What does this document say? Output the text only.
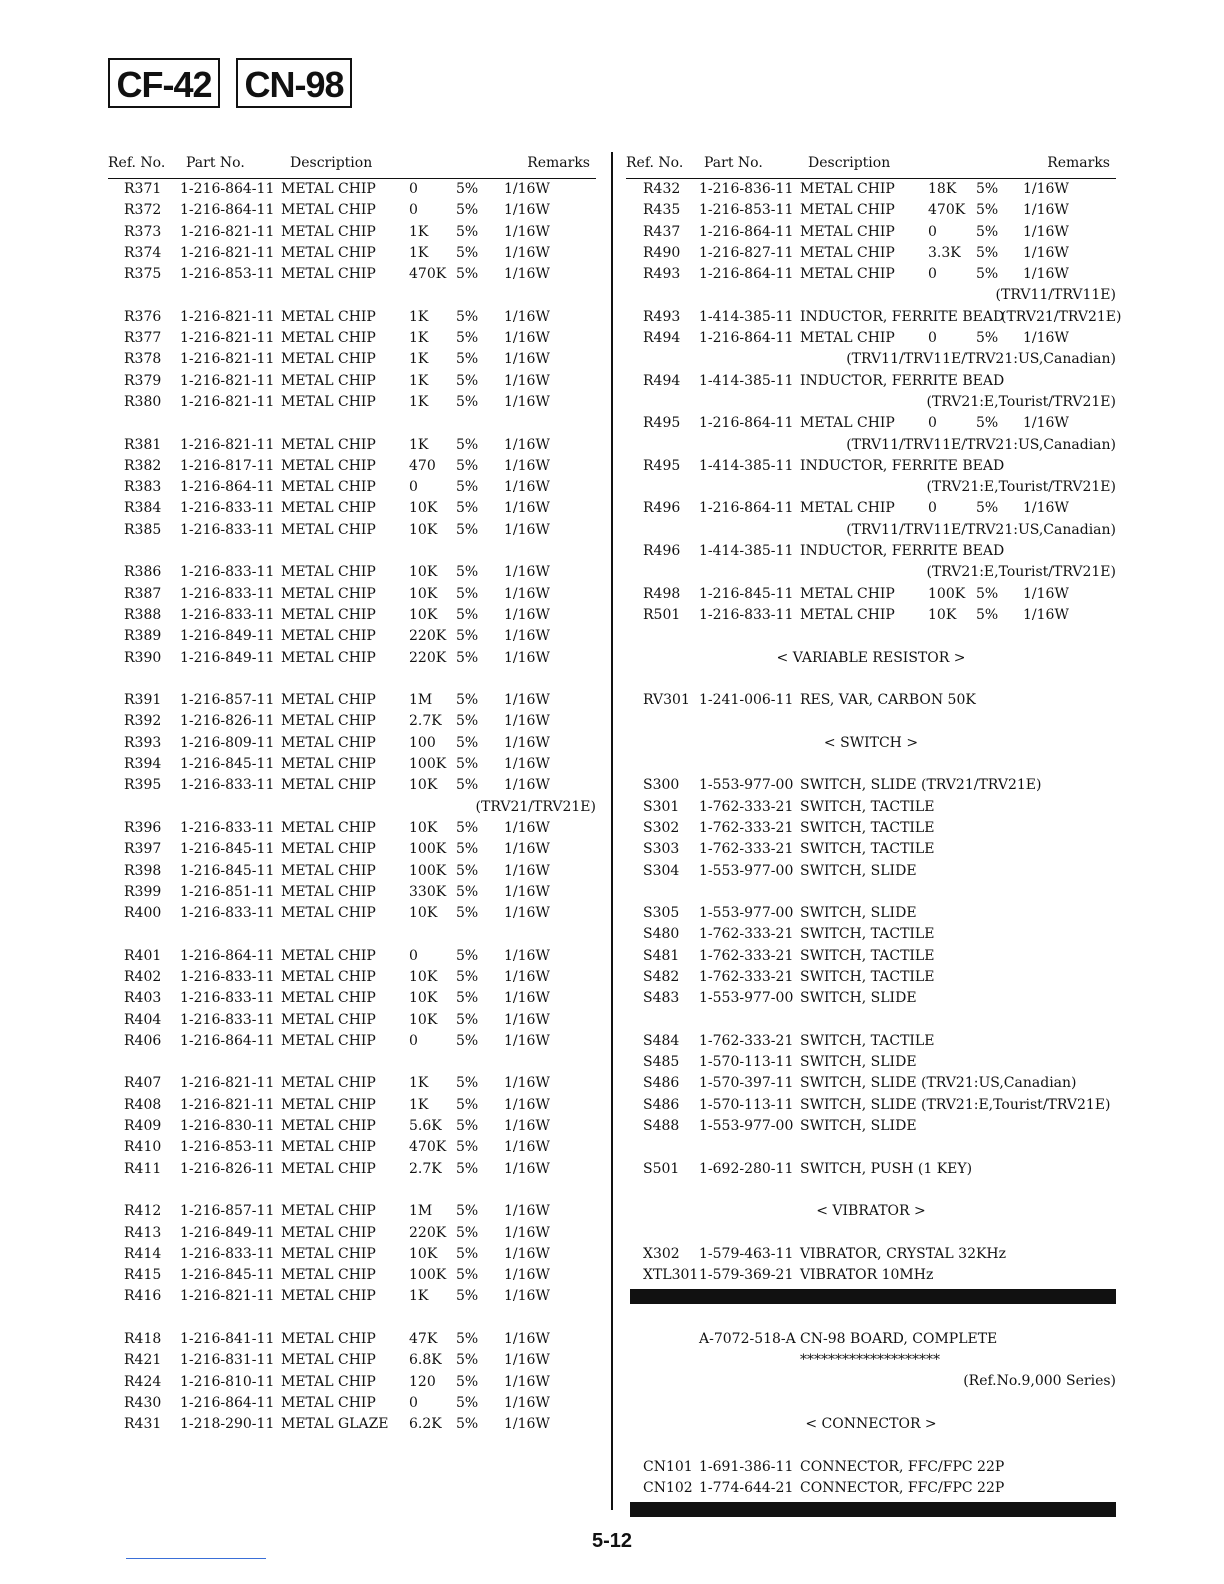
CF-42 CN-98
Ref. No. Part No.	Description	Remarks
R371 1-216-864-11 METAL CHIP 0	5% 1/16W
R372 1-216-864-11 METAL CHIP 0	5% 1/16W
R373 1-216-821-11 METAL CHIP 1K 5% 1/16W
R374 1-216-821-11 METAL CHIP 1K 5% 1/16W
R375 1-216-853-11 METAL CHIP 470K 5% 1/16W
R376 1-216-821-11 METAL CHIP 1K 5% 1/16W
R377 1-216-821-11 METAL CHIP 1K 5% 1/16W
R378 1-216-821-11 METAL CHIP 1K 5% 1/16W
R379 1-216-821-11 METAL CHIP 1K 5% 1/16W
R380 1-216-821-11 METAL CHIP 1K 5% 1/16W
R381 1-216-821-11 METAL CHIP 1K 5% 1/16W
R382 1-216-817-11 METAL CHIP 470 5% 1/16W
R383 1-216-864-11 METAL CHIP 0	5% 1/16W
R384 1-216-833-11 METAL CHIP 10K 5% 1/16W
R385 1-216-833-11 METAL CHIP 10K 5% 1/16W
R386 1-216-833-11 METAL CHIP 10K 5% 1/16W
R387 1-216-833-11 METAL CHIP 10K 5% 1/16W
R388 1-216-833-11 METAL CHIP 10K 5% 1/16W
R389 1-216-849-11 METAL CHIP 220K 5% 1/16W
R390 1-216-849-11 METAL CHIP 220K 5% 1/16W
R391 1-216-857-11 METAL CHIP 1M 5% 1/16W
R392 1-216-826-11 METAL CHIP 2.7K 5% 1/16W
R393 1-216-809-11 METAL CHIP 100 5% 1/16W
R394 1-216-845-11 METAL CHIP 100K 5% 1/16W
R395 1-216-833-11 METAL CHIP 10K 5% 1/16W
(TRV21/TRV21E)
R396 1-216-833-11 METAL CHIP 10K 5% 1/16W
R397 1-216-845-11 METAL CHIP 100K 5% 1/16W
R398 1-216-845-11 METAL CHIP 100K 5% 1/16W
R399 1-216-851-11 METAL CHIP 330K 5% 1/16W
R400 1-216-833-11 METAL CHIP 10K 5% 1/16W
R401 1-216-864-11 METAL CHIP 0	5% 1/16W
R402 1-216-833-11 METAL CHIP 10K 5% 1/16W
R403 1-216-833-11 METAL CHIP 10K 5% 1/16W
R404 1-216-833-11 METAL CHIP 10K 5% 1/16W
R406 1-216-864-11 METAL CHIP 0	5% 1/16W
R407 1-216-821-11 METAL CHIP 1K 5% 1/16W
R408 1-216-821-11 METAL CHIP 1K 5% 1/16W
R409 1-216-830-11 METAL CHIP 5.6K 5% 1/16W
R410 1-216-853-11 METAL CHIP 470K 5% 1/16W
R411 1-216-826-11 METAL CHIP 2.7K 5% 1/16W
R412 1-216-857-11 METAL CHIP 1M 5% 1/16W
R413 1-216-849-11 METAL CHIP 220K 5% 1/16W
R414 1-216-833-11 METAL CHIP 10K 5% 1/16W
R415 1-216-845-11 METAL CHIP 100K 5% 1/16W
R416 1-216-821-11 METAL CHIP 1K 5% 1/16W
R418 1-216-841-11 METAL CHIP 47K 5% 1/16W
R421 1-216-831-11 METAL CHIP 6.8K 5% 1/16W
R424 1-216-810-11 METAL CHIP 120 5% 1/16W
R430 1-216-864-11 METAL CHIP 0	5% 1/16W
R431 1-218-290-11 METAL GLAZE 6.2K 5% 1/16W
Ref. No. Part No.	Description	Remarks
R432 1-216-836-11 METAL CHIP 18K 5% 1/16W
R435 1-216-853-11 METAL CHIP 470K 5% 1/16W
R437 1-216-864-11 METAL CHIP 0	5% 1/16W
R490 1-216-827-11 METAL CHIP 3.3K 5% 1/16W
R493 1-216-864-11 METAL CHIP 0	5% 1/16W
(TRV11/TRV11E)
R493 1-414-385-11 INDUCTOR, FERRITE BEAD
(TRV21/TRV21E)
R494 1-216-864-11 METAL CHIP 0	5% 1/16W
(TRV11/TRV11E/TRV21:US,Canadian)
R494 1-414-385-11 INDUCTOR, FERRITE BEAD
(TRV21:E,Tourist/TRV21E)
R495 1-216-864-11 METAL CHIP 0	5% 1/16W
(TRV11/TRV11E/TRV21:US,Canadian)
R495 1-414-385-11 INDUCTOR, FERRITE BEAD
(TRV21:E,Tourist/TRV21E)
R496 1-216-864-11 METAL CHIP 0	5% 1/16W
(TRV11/TRV11E/TRV21:US,Canadian)
R496 1-414-385-11 INDUCTOR, FERRITE BEAD
(TRV21:E,Tourist/TRV21E)
R498 1-216-845-11 METAL CHIP 100K 5% 1/16W
R501 1-216-833-11 METAL CHIP 10K 5% 1/16W
< VARIABLE RESISTOR >
RV301 1-241-006-11 RES, VAR, CARBON 50K
< SWITCH >
S300 1-553-977-00 SWITCH, SLIDE (TRV21/TRV21E)
S301 1-762-333-21 SWITCH, TACTILE
S302 1-762-333-21 SWITCH, TACTILE
S303 1-762-333-21 SWITCH, TACTILE
S304 1-553-977-00 SWITCH, SLIDE
S305 1-553-977-00 SWITCH, SLIDE
S480 1-762-333-21 SWITCH, TACTILE
S481 1-762-333-21 SWITCH, TACTILE
S482 1-762-333-21 SWITCH, TACTILE
S483 1-553-977-00 SWITCH, SLIDE
S484 1-762-333-21 SWITCH, TACTILE
S485 1-570-113-11 SWITCH, SLIDE
S486 1-570-397-11 SWITCH, SLIDE (TRV21:US,Canadian)
S486 1-570-113-11 SWITCH, SLIDE (TRV21:E,Tourist/TRV21E)
S488 1-553-977-00 SWITCH, SLIDE
S501 1-692-280-11 SWITCH, PUSH (1 KEY)
< VIBRATOR >
X302 1-579-463-11 VIBRATOR, CRYSTAL 32KHz
XTL301 1-579-369-21 VIBRATOR 10MHz
A-7072-518-A CN-98 BOARD, COMPLETE
********************
(Ref.No.9,000 Series)
< CONNECTOR >
CN101 1-691-386-11 CONNECTOR, FFC/FPC 22P
CN102 1-774-644-21 CONNECTOR, FFC/FPC 22P
5-12
